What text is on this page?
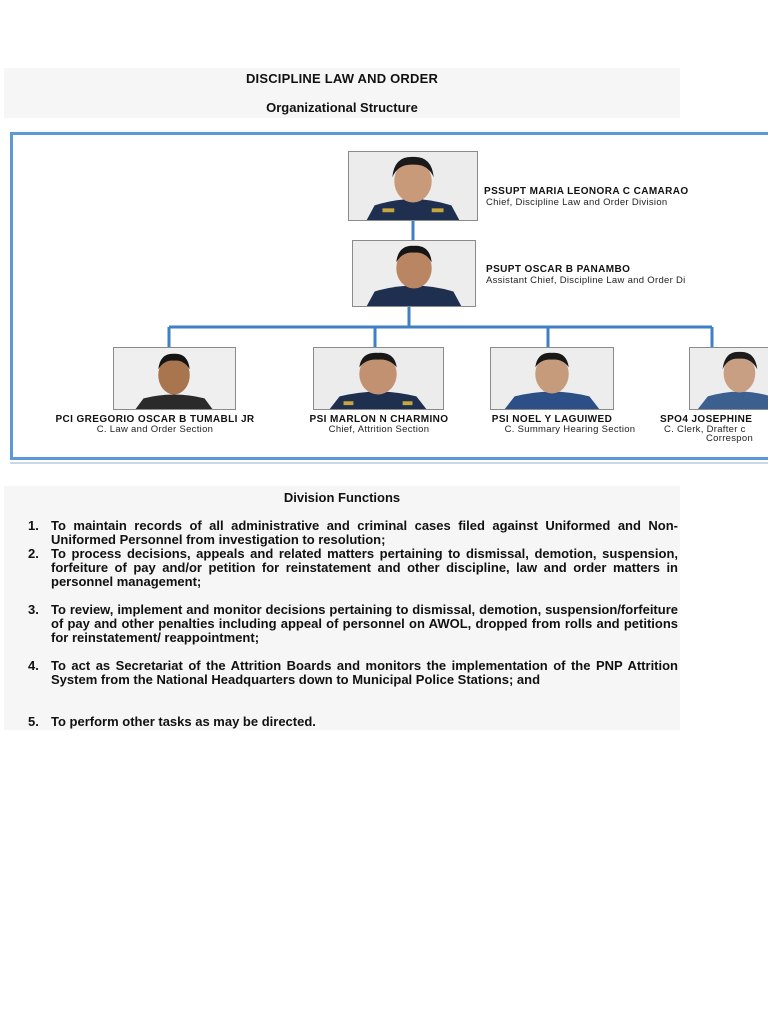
DISCIPLINE LAW AND ORDER
Organizational Structure
PSSUPT MARIA LEONORA C CAMARAO
Chief, Discipline Law and Order Division
PSUPT OSCAR B PANAMBO
Assistant Chief, Discipline Law and Order Di
PCI GREGORIO OSCAR B TUMABLI JR
C. Law and Order Section
PSI MARLON N CHARMINO
Chief, Attrition Section
PSI NOEL Y LAGUIWED
C. Summary Hearing Section
SPO4 JOSEPHINE
C. Clerk, Drafter c
Correspon
Division Functions
1. To maintain records of all administrative and criminal cases filed against Uniformed and Non-Uniformed Personnel from investigation to resolution;
2. To process decisions, appeals and related matters pertaining to dismissal, demotion, suspension, forfeiture of pay and/or petition for reinstatement and other discipline, law and order matters in personnel management;
3. To review, implement and monitor decisions pertaining to dismissal, demotion, suspension/forfeiture of pay and other penalties including appeal of personnel on AWOL, dropped from rolls and petitions for reinstatement/ reappointment;
4. To act as Secretariat of the Attrition Boards and monitors the implementation of the PNP Attrition System from the National Headquarters down to Municipal Police Stations; and
5. To perform other tasks as may be directed.
